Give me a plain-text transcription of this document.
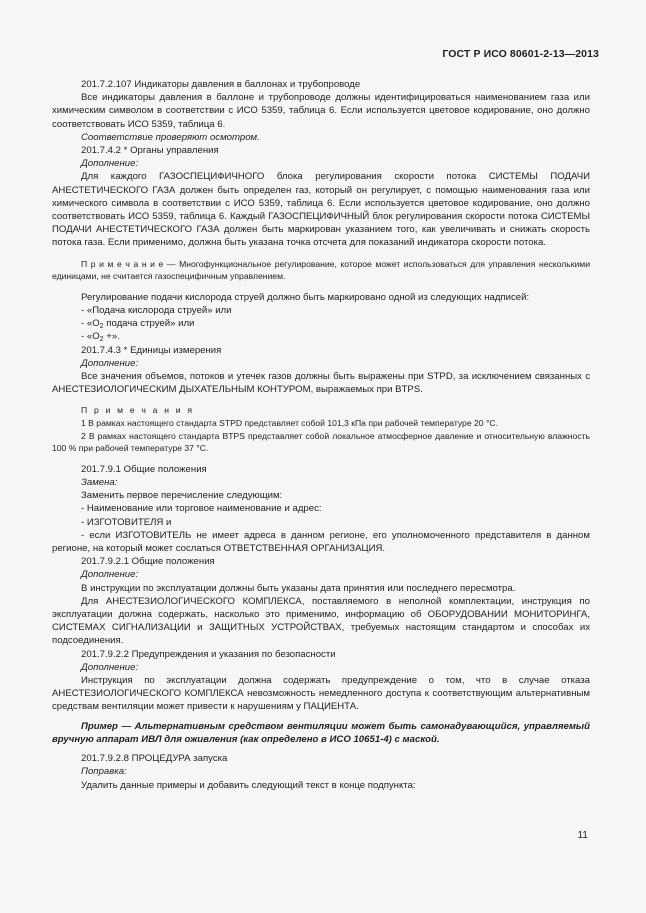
ГОСТ Р ИСО 80601-2-13—2013

201.7.2.107 Индикаторы давления в баллонах и трубопроводе

Все индикаторы давления в баллоне и трубопроводе должны идентифицироваться наименованием газа или химическим символом в соответствии с ИСО 5359, таблица 6. Если используется цветовое кодирование, оно должно соответствовать ИСО 5359, таблица 6.

Соответствие проверяют осмотром.

201.7.4.2 * Органы управления

Дополнение:

Для каждого ГАЗОСПЕЦИФИЧНОГО блока регулирования скорости потока СИСТЕМЫ ПОДАЧИ АНЕСТЕТИЧЕСКОГО ГАЗА должен быть определен газ, который он регулирует, с помощью наименования газа или химического символа в соответствии с ИСО 5359, таблица 6. Если используется цветовое кодирование, оно должно соответствовать ИСО 5359, таблица 6. Каждый ГАЗОСПЕЦИФИЧНЫЙ блок регулирования скорости потока СИСТЕМЫ ПОДАЧИ АНЕСТЕТИЧЕСКОГО ГАЗА должен быть маркирован указанием того, как увеличивать и снижать скорость потока газа. Если применимо, должна быть указана точка отсчета для показаний индикатора скорости потока.

П р и м е ч а н и е — Многофункциональное регулирование, которое может использоваться для управления несколькими единицами, не считается газоспецифичным управлением.

Регулирование подачи кислорода струей должно быть маркировано одной из следующих надписей:

- «Подача кислорода струей» или

- «$О_2$ подача струей» или

- «$О_2$ +».

201.7.4.3 * Единицы измерения

Дополнение:

Все значения объемов, потоков и утечек газов должны быть выражены при STPD, за исключением связанных с АНЕСТЕЗИОЛОГИЧЕСКИМ ДЫХАТЕЛЬНЫМ КОНТУРОМ, выражаемых при BTPS.

П р и м е ч а н и я

1 В рамках настоящего стандарта STPD представляет собой 101,3 кПа при рабочей температуре 20 °С.

2 В рамках настоящего стандарта BTPS представляет собой локальное атмосферное давление и относительную влажность 100 % при рабочей температуре 37 °С.

201.7.9.1 Общие положения

Замена:

Заменить первое перечисление следующим:

- Наименование или торговое наименование и адрес:

- ИЗГОТОВИТЕЛЯ и

- если ИЗГОТОВИТЕЛЬ не имеет адреса в данном регионе, его уполномоченного представителя в данном регионе, на который может сослаться ОТВЕТСТВЕННАЯ ОРГАНИЗАЦИЯ.

201.7.9.2.1 Общие положения

Дополнение:

В инструкции по эксплуатации должны быть указаны дата принятия или последнего пересмотра.

Для АНЕСТЕЗИОЛОГИЧЕСКОГО КОМПЛЕКСА, поставляемого в неполной комплектации, инструкция по эксплуатации должна содержать, насколько это применимо, информацию об ОБОРУДОВАНИИ МОНИТОРИНГА, СИСТЕМАХ СИГНАЛИЗАЦИИ и ЗАЩИТНЫХ УСТРОЙСТВАХ, требуемых настоящим стандартом и способах их подсоединения.

201.7.9.2.2 Предупреждения и указания по безопасности

Дополнение:

Инструкция по эксплуатации должна содержать предупреждение о том, что в случае отказа АНЕСТЕЗИОЛОГИЧЕСКОГО КОМПЛЕКСА невозможность немедленного доступа к соответствующим альтернативным средствам вентиляции может привести к нарушениям у ПАЦИЕНТА.

Пример — Альтернативным средством вентиляции может быть самонадувающийся, управляемый вручную аппарат ИВЛ для оживления (как определено в ИСО 10651-4) с маской.

201.7.9.2.8 ПРОЦЕДУРА запуска

Поправка:

Удалить данные примеры и добавить следующий текст в конце подпункта:

11
